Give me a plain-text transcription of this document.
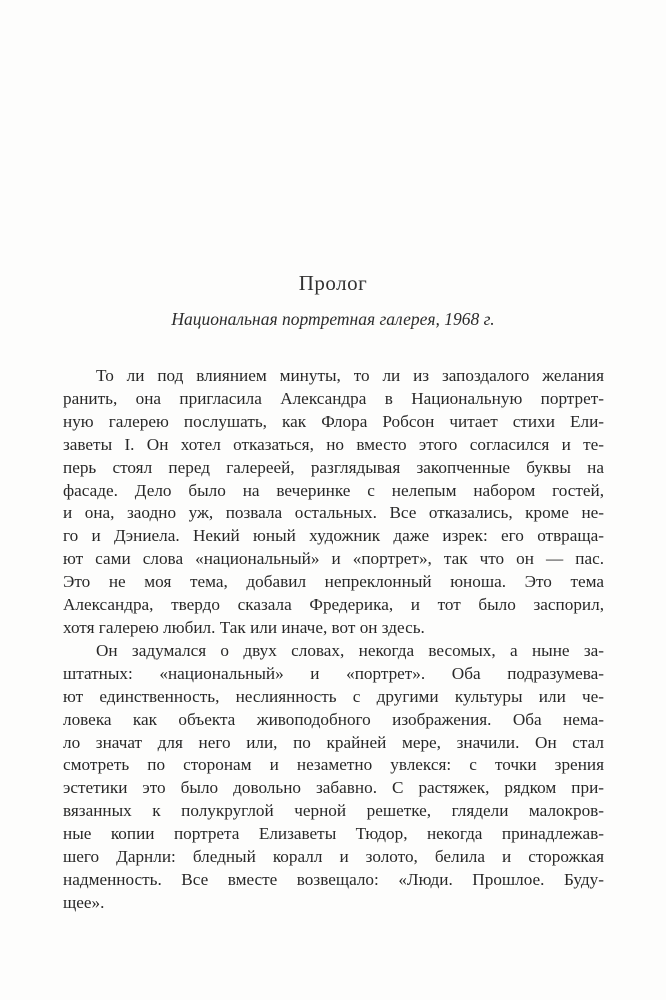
Пролог
Национальная портретная галерея, 1968 г.
То ли под влиянием минуты, то ли из запоздалого желания
ранить, она пригласила Александра в Национальную портрет-
ную галерею послушать, как Флора Робсон читает стихи Ели-
заветы I. Он хотел отказаться, но вместо этого согласился и те-
перь стоял перед галереей, разглядывая закопченные буквы на
фасаде. Дело было на вечеринке с нелепым набором гостей,
и она, заодно уж, позвала остальных. Все отказались, кроме не-
го и Дэниела. Некий юный художник даже изрек: его отвраща-
ют сами слова «национальный» и «портрет», так что он — пас.
Это не моя тема, добавил непреклонный юноша. Это тема
Александра, твердо сказала Фредерика, и тот было заспорил,
хотя галерею любил. Так или иначе, вот он здесь.
Он задумался о двух словах, некогда весомых, а ныне за-
штатных: «национальный» и «портрет». Оба подразумева-
ют единственность, неслиянность с другими культуры или че-
ловека как объекта живоподобного изображения. Оба нема-
ло значат для него или, по крайней мере, значили. Он стал
смотреть по сторонам и незаметно увлекся: с точки зрения
эстетики это было довольно забавно. С растяжек, рядком при-
вязанных к полукруглой черной решетке, глядели малокров-
ные копии портрета Елизаветы Тюдор, некогда принадлежав-
шего Дарнли: бледный коралл и золото, белила и сторожкая
надменность. Все вместе возвещало: «Люди. Прошлое. Буду-
щее».
